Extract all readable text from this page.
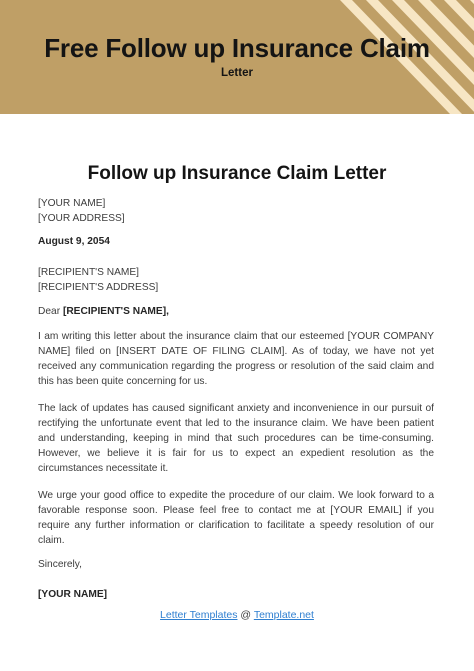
Free Follow up Insurance Claim
Letter
Follow up Insurance Claim Letter
[YOUR NAME]
[YOUR ADDRESS]
August 9, 2054
[RECIPIENT'S NAME]
[RECIPIENT'S ADDRESS]

Dear [RECIPIENT'S NAME],

I am writing this letter about the insurance claim that our esteemed [YOUR COMPANY NAME] filed on [INSERT DATE OF FILING CLAIM]. As of today, we have not yet received any communication regarding the progress or resolution of the said claim and this has been quite concerning for us.

The lack of updates has caused significant anxiety and inconvenience in our pursuit of rectifying the unfortunate event that led to the insurance claim. We have been patient and understanding, keeping in mind that such procedures can be time-consuming. However, we believe it is fair for us to expect an expedient resolution as the circumstances necessitate it.

We urge your good office to expedite the procedure of our claim. We look forward to a favorable response soon. Please feel free to contact me at [YOUR EMAIL] if you require any further information or clarification to facilitate a speedy resolution of our claim.

Sincerely,
[YOUR NAME]
Letter Templates @ Template.net
